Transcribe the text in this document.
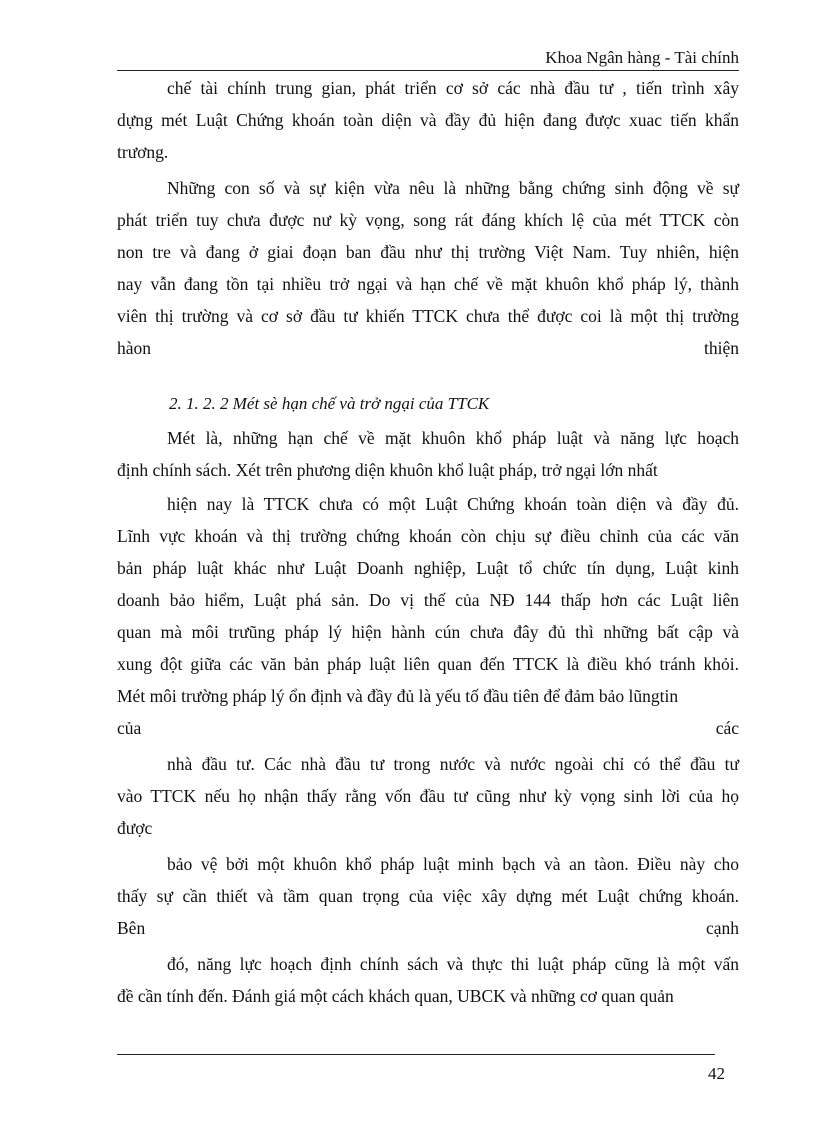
Khoa Ngân hàng - Tài chính
chế tài chính trung gian, phát triển cơ sở các nhà đầu tư , tiến trình xây
dựng mét Luật Chứng khoán toàn diện và đầy đủ hiện đang được xuac tiến khẩn
trương.
Những con số và sự kiện vừa nêu là những bằng chứng sinh động về sự
phát triển tuy chưa được nư kỳ vọng, song rát đáng khích lệ của mét TTCK còn
non tre và đang ở giai đoạn ban đầu như thị trường Việt Nam. Tuy nhiên, hiện
nay vẫn đang tồn tại nhiều trở ngại và hạn chế về mặt khuôn khổ pháp lý, thành
viên thị trường và cơ sở đầu tư khiến TTCK chưa thể được coi là một thị trường
hàon thiện
2. 1. 2. 2 Mét sè hạn chế và trở ngại của TTCK
Mét là, những hạn chế về mặt khuôn khổ pháp luật và năng lực hoạch
định chính sách. Xét trên phương diện khuôn khổ luật pháp, trở ngại lớn nhất
hiện nay là TTCK chưa có một Luật Chứng khoán toàn diện và đầy đủ.
Lĩnh vực khoán và thị trường chứng khoán còn chịu sự điều chỉnh của các văn
bản pháp luật khác như Luật Doanh nghiệp, Luật tổ chức tín dụng, Luật kinh
doanh bảo hiểm, Luật phá sản. Do vị thế của NĐ 144 thấp hơn các Luật liên
quan mà môi trưũng pháp lý hiện hành cún chưa đây đủ thì những bất cập và
xung đột giữa các văn bản pháp luật liên quan đến TTCK là điều khó tránh khỏi.
Mét môi trường pháp lý ổn định và đầy đủ là yếu tố đầu tiên để đảm bảo lũngtin
của các
nhà đầu tư. Các nhà đầu tư trong nước và nước ngoài chỉ có thể đầu tư
vào TTCK nếu họ nhận thấy rằng vốn đầu tư cũng như kỳ vọng sinh lời của họ
được
bảo vệ bởi một khuôn khổ pháp luật minh bạch và an tàon. Điều này cho
thấy sự cần thiết và tầm quan trọng của việc xây dựng mét Luật chứng khoán.
Bên cạnh
đó, năng lực hoạch định chính sách và thực thi luật pháp cũng là một vấn
đề cần tính đến. Đánh giá một cách khách quan, UBCK và những cơ quan quản
42
